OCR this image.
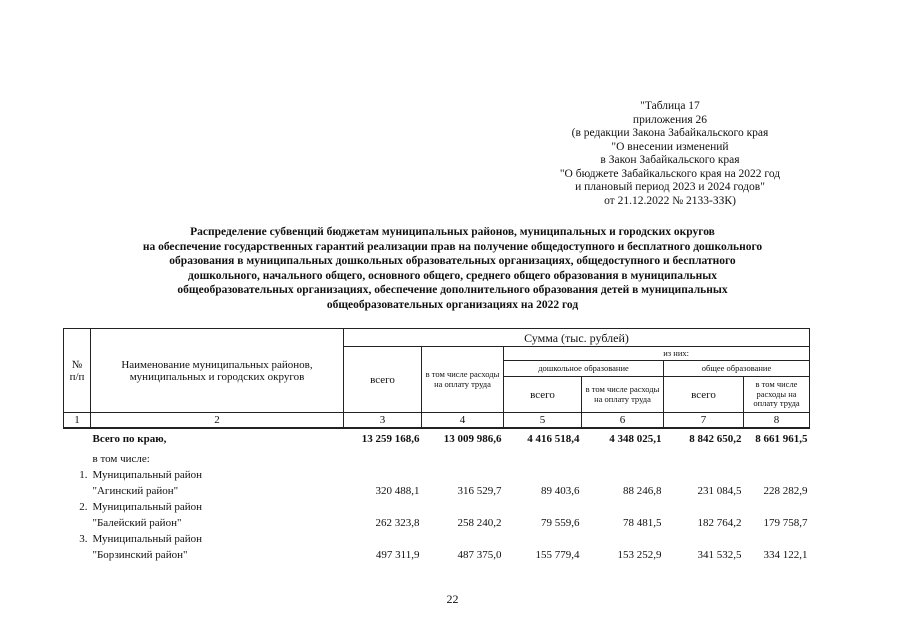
"Таблица 17
приложения 26
(в редакции Закона Забайкальского края
"О внесении изменений
в Закон Забайкальского края
"О бюджете Забайкальского края на 2022 год
и плановый период 2023 и 2024 годов"
от 21.12.2022 № 2133-ЗЗК)
Распределение субвенций бюджетам муниципальных районов, муниципальных и городских округов
на обеспечение государственных гарантий реализации прав на получение общедоступного и бесплатного дошкольного
образования в муниципальных дошкольных образовательных организациях, общедоступного и бесплатного
дошкольного, начального общего, основного общего, среднего общего образования в муниципальных
общеобразовательных организациях, обеспечение дополнительного образования детей в муниципальных
общеобразовательных организациях на 2022 год
№ п/п	Наименование муниципальных районов, муниципальных и городских округов	Сумма (тыс. рублей)					
		всего	в том числе расходы на оплату труда	из них:			
				дошкольное образование		общее образование	
				всего	в том числе расходы на оплату труда	всего	в том числе расходы на оплату труда
1	2	3	4	5	6	7	8
	Всего по краю,	13 259 168,6	13 009 986,6	4 416 518,4	4 348 025,1	8 842 650,2	8 661 961,5
	в том числе:						
1.	Муниципальный район						
	"Агинский район"	320 488,1	316 529,7	89 403,6	88 246,8	231 084,5	228 282,9
2.	Муниципальный район						
	"Балейский район"	262 323,8	258 240,2	79 559,6	78 481,5	182 764,2	179 758,7
3.	Муниципальный район						
	"Борзинский район"	497 311,9	487 375,0	155 779,4	153 252,9	341 532,5	334 122,1
22
